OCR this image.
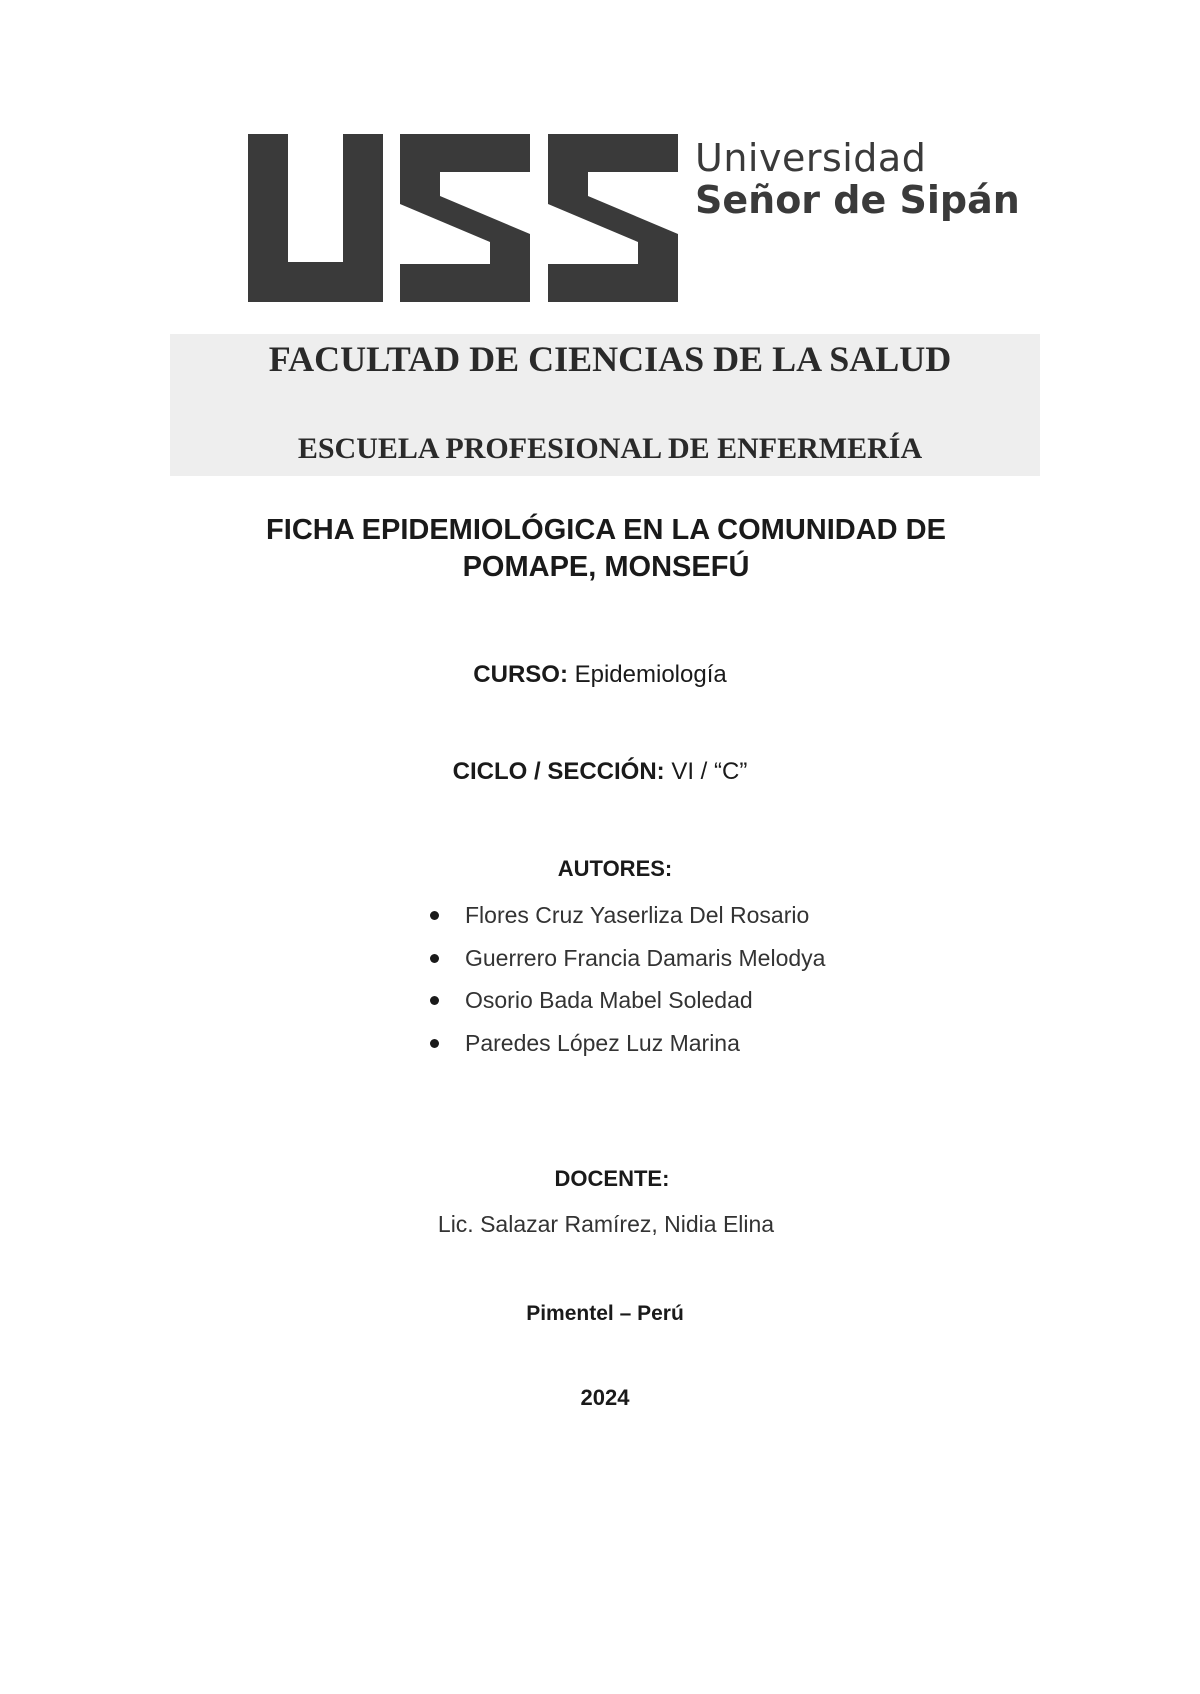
Universidad
Señor de Sipán
FACULTAD DE CIENCIAS DE LA SALUD
ESCUELA PROFESIONAL DE ENFERMERÍA
FICHA EPIDEMIOLÓGICA EN LA COMUNIDAD DE POMAPE, MONSEFÚ
CURSO: Epidemiología
CICLO / SECCIÓN: VI / “C”
AUTORES:
Flores Cruz Yaserliza Del Rosario
Guerrero Francia Damaris Melodya
Osorio Bada Mabel Soledad
Paredes López Luz Marina
DOCENTE:
Lic. Salazar Ramírez, Nidia Elina
Pimentel – Perú
2024
